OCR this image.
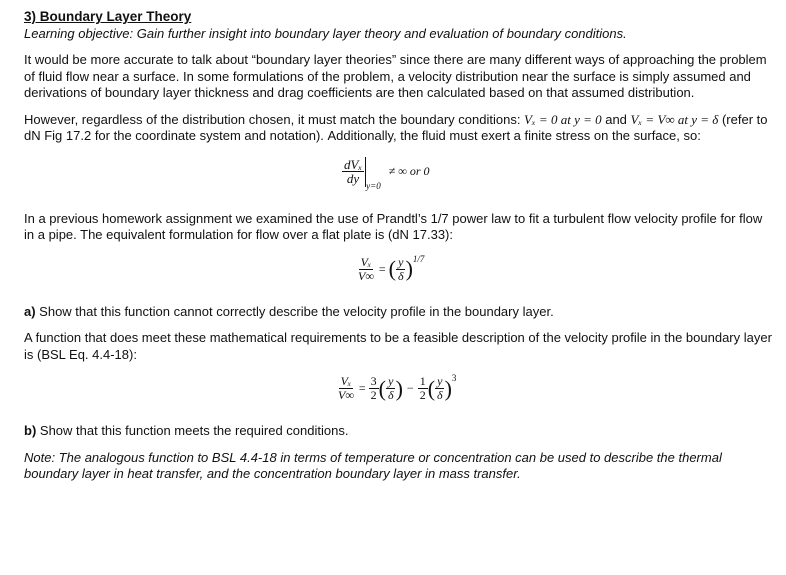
3) Boundary Layer Theory
Learning objective: Gain further insight into boundary layer theory and evaluation of boundary conditions.

It would be more accurate to talk about “boundary layer theories” since there are many different ways of approaching the problem of fluid flow near a surface. In some formulations of the problem, a velocity distribution near the surface is simply assumed and derivations of boundary layer thickness and drag coefficients are then calculated based on that assumed distribution.

However, regardless of the distribution chosen, it must match the boundary conditions: Vₓ = 0 at y = 0 and Vₓ = V∞ at y = δ (refer to dN Fig 17.2 for the coordinate system and notation). Additionally, the fluid must exert a finite stress on the surface, so:

$\frac{\text{dVₓ}}{dy}$
y=0
≠ ∞ or 0

In a previous homework assignment we examined the use of Prandtl’s 1/7 power law to fit a turbulent flow velocity profile for flow in a pipe. The equivalent formulation for flow over a flat plate is (dN 17.33):

$\frac{\text{Vₓ}}{V\infty}$ = ( $\frac{y}{\delta}$ ) 1/7

a) Show that this function cannot correctly describe the velocity profile in the boundary layer.

A function that does meet these mathematical requirements to be a feasible description of the velocity profile in the boundary layer is (BSL Eq. 4.4-18):

$\frac{\text{Vₓ}}{V\infty} = \frac{3}{2}$ ( $\frac{y}{\delta}$ ) − $\frac{1}{2}$ ( $\frac{y}{\delta}$ ) 3

b) Show that this function meets the required conditions.

Note: The analogous function to BSL 4.4-18 in terms of temperature or concentration can be used to describe the thermal boundary layer in heat transfer, and the concentration boundary layer in mass transfer.
